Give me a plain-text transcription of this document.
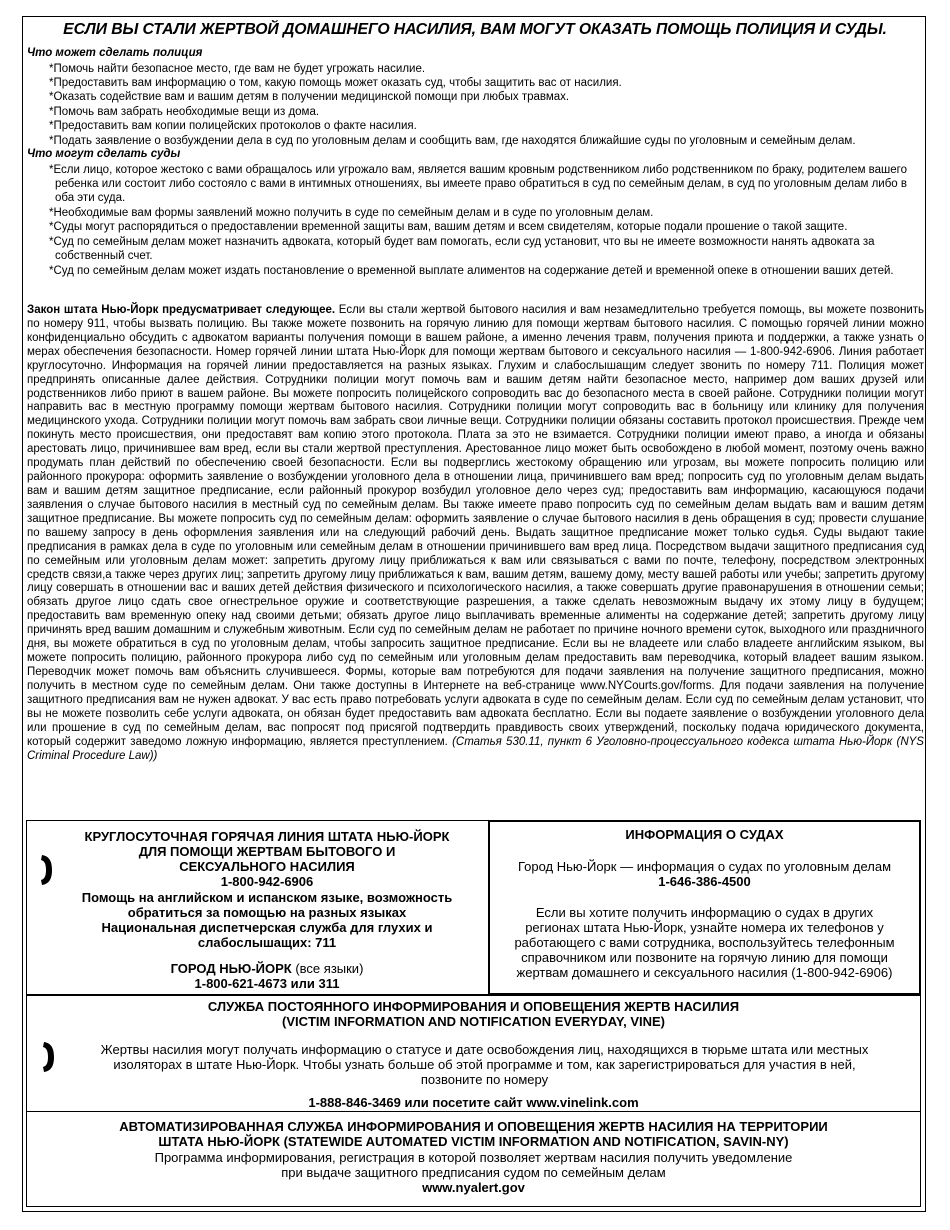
ЕСЛИ ВЫ СТАЛИ ЖЕРТВОЙ ДОМАШНЕГО НАСИЛИЯ, ВАМ МОГУТ ОКАЗАТЬ ПОМОЩЬ ПОЛИЦИЯ И СУДЫ.
Что может сделать полиция
*Помочь найти безопасное место, где вам не будет угрожать насилие.
*Предоставить вам информацию о том, какую помощь может оказать суд, чтобы защитить вас от насилия.
*Оказать содействие вам и вашим детям в получении медицинской помощи при любых травмах.
*Помочь вам забрать необходимые вещи из дома.
*Предоставить вам копии полицейских протоколов о факте насилия.
*Подать заявление о возбуждении дела в суд по уголовным делам и сообщить вам, где находятся ближайшие суды по уголовным и семейным делам.
Что могут сделать суды
*Если лицо, которое жестоко с вами обращалось или угрожало вам, является вашим кровным родственником либо родственником по браку, родителем вашего ребенка или состоит либо состояло с вами в интимных отношениях, вы имеете право обратиться в суд по семейным делам, в суд по уголовным делам либо в оба эти суда.
*Необходимые вам формы заявлений можно получить в суде по семейным делам и в суде по уголовным делам.
*Суды могут распорядиться о предоставлении временной защиты вам, вашим детям и всем свидетелям, которые подали прошение о такой защите.
*Суд по семейным делам может назначить адвоката, который будет вам помогать, если суд установит, что вы не имеете возможности нанять адвоката за собственный счет.
*Суд по семейным делам может издать постановление о временной выплате алиментов на содержание детей и временной опеке в отношении ваших детей.
Закон штата Нью-Йорк предусматривает следующее. Если вы стали жертвой бытового насилия и вам незамедлительно требуется помощь, вы можете позвонить по номеру 911, чтобы вызвать полицию. Вы также можете позвонить на горячую линию для помощи жертвам бытового насилия. С помощью горячей линии можно конфиденциально обсудить с адвокатом варианты получения помощи в вашем районе, а именно лечения травм, получения приюта и поддержки, а также узнать о мерах обеспечения безопасности. Номер горячей линии штата Нью-Йорк для помощи жертвам бытового и сексуального насилия — 1-800-942-6906. Линия работает круглосуточно. Информация на горячей линии предоставляется на разных языках. Глухим и слабослышащим следует звонить по номеру 711. Полиция может предпринять описанные далее действия. Сотрудники полиции могут помочь вам и вашим детям найти безопасное место, например дом ваших друзей или родственников либо приют в вашем районе. Вы можете попросить полицейского сопроводить вас до безопасного места в своей районе. Сотрудники полиции могут направить вас в местную программу помощи жертвам бытового насилия. Сотрудники полиции могут сопроводить вас в больницу или клинику для получения медицинского ухода. Сотрудники полиции могут помочь вам забрать свои личные вещи. Сотрудники полиции обязаны составить протокол происшествия. Прежде чем покинуть место происшествия, они предоставят вам копию этого протокола. Плата за это не взимается. Сотрудники полиции имеют право, а иногда и обязаны арестовать лицо, причинившее вам вред, если вы стали жертвой преступления. Арестованное лицо может быть освобождено в любой момент, поэтому очень важно продумать план действий по обеспечению своей безопасности. Если вы подверглись жестокому обращению или угрозам, вы можете попросить полицию или районного прокурора: оформить заявление о возбуждении уголовного дела в отношении лица, причинившего вам вред; попросить суд по уголовным делам выдать вам и вашим детям защитное предписание, если районный прокурор возбудил уголовное дело через суд; предоставить вам информацию, касающуюся подачи заявления о случае бытового насилия в местный суд по семейным делам. Вы также имеете право попросить суд по семейным делам выдать вам и вашим детям защитное предписание. Вы можете попросить суд по семейным делам: оформить заявление о случае бытового насилия в день обращения в суд; провести слушание по вашему запросу в день оформления заявления или на следующий рабочий день. Выдать защитное предписание может только судья. Суды выдают такие предписания в рамках дела в суде по уголовным или семейным делам в отношении причинившего вам вред лица. Посредством выдачи защитного предписания суд по семейным или уголовным делам может: запретить другому лицу приближаться к вам или связываться с вами по почте, телефону, посредством электронных средств связи,а также через других лиц; запретить другому лицу приближаться к вам, вашим детям, вашему дому, месту вашей работы или учебы; запретить другому лицу совершать в отношении вас и ваших детей действия физического и психологического насилия, а также совершать другие правонарушения в отношении семьи; обязать другое лицо сдать свое огнестрельное оружие и соответствующие разрешения, а также сделать невозможным выдачу их этому лицу в будущем; предоставить вам временную опеку над своими детьми; обязать другое лицо выплачивать временные алименты на содержание детей; запретить другому лицу причинять вред вашим домашним и служебным животным. Если суд по семейным делам не работает по причине ночного времени суток, выходного или праздничного дня, вы можете обратиться в суд по уголовным делам, чтобы запросить защитное предписание. Если вы не владеете или слабо владеете английским языком, вы можете попросить полицию, районного прокурора либо суд по семейным или уголовным делам предоставить вам переводчика, который владеет вашим языком. Переводчик может помочь вам объяснить случившееся. Формы, которые вам потребуются для подачи заявления на получение защитного предписания, можно получить в местном суде по семейным делам. Они также доступны в Интернете на веб-странице www.NYCourts.gov/forms. Для подачи заявления на получение защитного предписания вам не нужен адвокат. У вас есть право потребовать услуги адвоката в суде по семейным делам. Если суд по семейным делам установит, что вы не можете позволить себе услуги адвоката, он обязан будет предоставить вам адвоката бесплатно. Если вы подаете заявление о возбуждении уголовного дела или прошение в суд по семейным делам, вас попросят под присягой подтвердить правдивость своих утверждений, поскольку подача юридического документа, который содержит заведомо ложную информацию, является преступлением. (Статья 530.11, пункт 6 Уголовно-процессуального кодекса штата Нью-Йорк (NYS Criminal Procedure Law))
КРУГЛОСУТОЧНАЯ ГОРЯЧАЯ ЛИНИЯ ШТАТА НЬЮ-ЙОРК
ДЛЯ ПОМОЩИ ЖЕРТВАМ БЫТОВОГО И
СЕКСУАЛЬНОГО НАСИЛИЯ
1-800-942-6906
Помощь на английском и испанском языке, возможность
обратиться за помощью на разных языках
Национальная диспетчерская служба для глухих и
слабослышащих: 711
ГОРОД НЬЮ-ЙОРК (все языки)
1-800-621-4673 или 311
ИНФОРМАЦИЯ О СУДАХ
Город Нью-Йорк — информация о судах по уголовным делам
1-646-386-4500
Если вы хотите получить информацию о судах в других
регионах штата Нью-Йорк, узнайте номера их телефонов у
работающего с вами сотрудника, воспользуйтесь телефонным
справочником или позвоните на горячую линию для помощи
жертвам домашнего и сексуального насилия (1-800-942-6906)
СЛУЖБА ПОСТОЯННОГО ИНФОРМИРОВАНИЯ И ОПОВЕЩЕНИЯ ЖЕРТВ НАСИЛИЯ
(VICTIM INFORMATION AND NOTIFICATION EVERYDAY, VINE)
Жертвы насилия могут получать информацию о статусе и дате освобождения лиц, находящихся в тюрьме штата или местных
изоляторах в штате Нью-Йорк. Чтобы узнать больше об этой программе и том, как зарегистрироваться для участия в ней,
позвоните по номеру
1-888-846-3469 или посетите сайт www.vinelink.com
АВТОМАТИЗИРОВАННАЯ СЛУЖБА ИНФОРМИРОВАНИЯ И ОПОВЕЩЕНИЯ ЖЕРТВ НАСИЛИЯ НА ТЕРРИТОРИИ
ШТАТА НЬЮ-ЙОРК (STATEWIDE AUTOMATED VICTIM INFORMATION AND NOTIFICATION, SAVIN-NY)
Программа информирования, регистрация в которой позволяет жертвам насилия получить уведомление
при выдаче защитного предписания судом по семейным делам
www.nyalert.gov
